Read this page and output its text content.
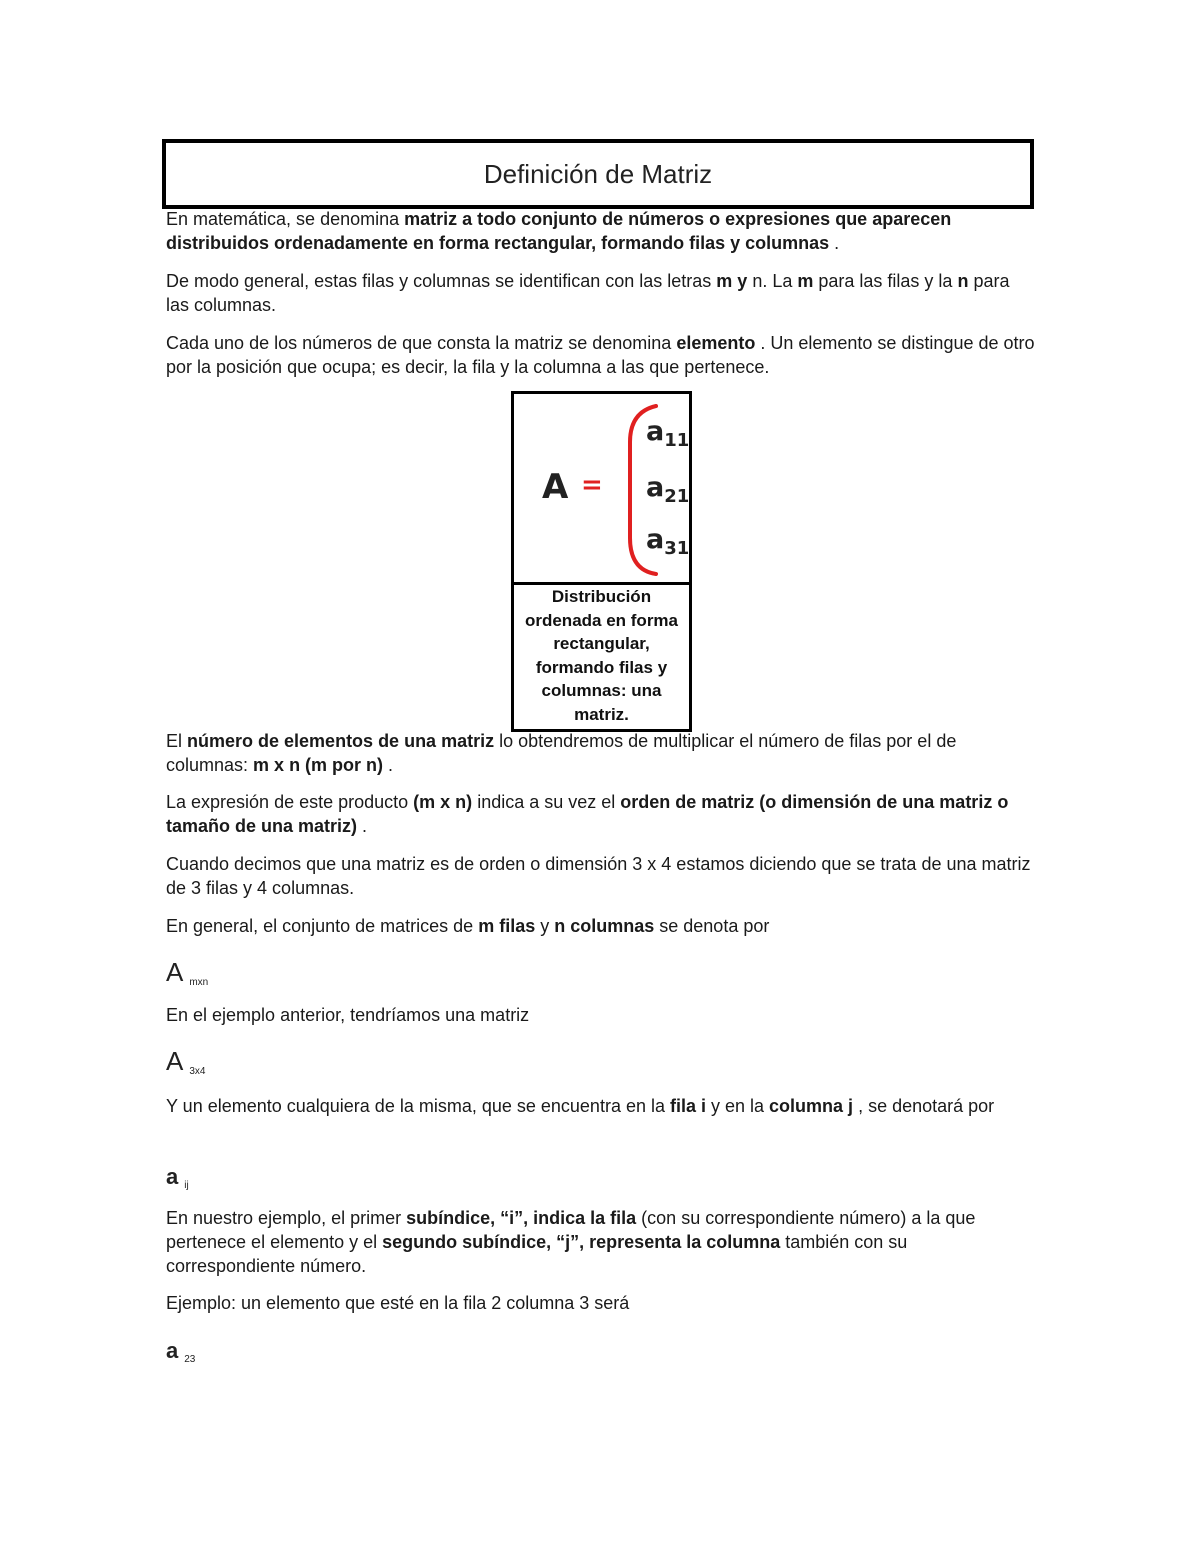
Definición de Matriz

En matemática, se denomina matriz a todo conjunto de números o expresiones que aparecen distribuidos ordenadamente en forma rectangular, formando filas y columnas .

De modo general, estas filas y columnas se identifican con las letras m y n. La m para las filas y la n para las columnas.

Cada uno de los números de que consta la matriz se denomina elemento . Un elemento se distingue de otro por la posición que ocupa; es decir, la fila y la columna a las que pertenece.

A =
$a_{11}$
$a_{21}$
$a_{31}$
Distribución ordenada en forma rectangular, formando filas y columnas: una matriz.

El número de elementos de una matriz lo obtendremos de multiplicar el número de filas por el de columnas: m x n (m por n) .

La expresión de este producto (m x n) indica a su vez el orden de matriz (o dimensión de una matriz o tamaño de una matriz) .

Cuando decimos que una matriz es de orden o dimensión 3 x 4 estamos diciendo que se trata de una matriz de 3 filas y 4 columnas.

En general, el conjunto de matrices de m filas y n columnas se denota por

A $_{mxn}$

En el ejemplo anterior, tendríamos una matriz

A $_{3x4}$

Y un elemento cualquiera de la misma, que se encuentra en la fila i y en la columna j , se denotará por

a $_{ij}$

En nuestro ejemplo, el primer subíndice, “i”, indica la fila (con su correspondiente número) a la que pertenece el elemento y el segundo subíndice, “j”, representa la columna también con su correspondiente número.

Ejemplo: un elemento que esté en la fila 2 columna 3 será

a $_{23}$
